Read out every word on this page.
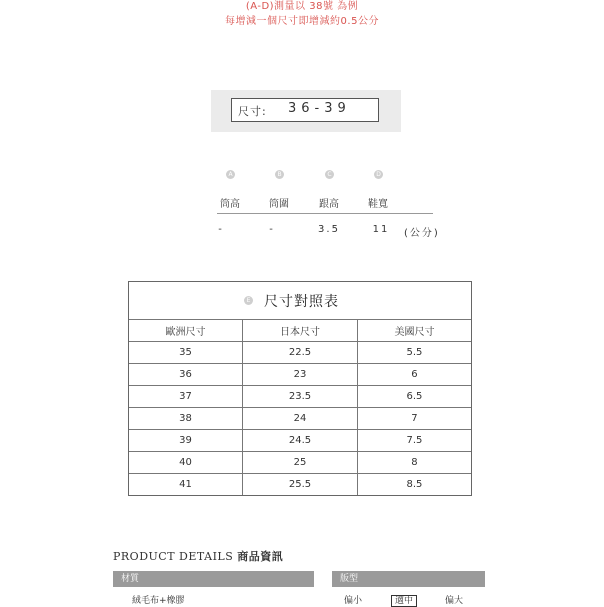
(A-D)測量以 38號 為例
每增減一個尺寸即增減約0.5公分
尺寸: 36-39
A	B	C	D
筒高	筒圍	跟高	鞋寬
-	-	3.5	11	(公分)
E 尺寸對照表
歐洲尺寸	日本尺寸	美國尺寸
35	22.5	5.5
36	23	6
37	23.5	6.5
38	24	7
39	24.5	7.5
40	25	8
41	25.5	8.5
PRODUCT DETAILS 商品資訊
材質	版型
絨毛布+橡膠	偏小	適中	偏大
